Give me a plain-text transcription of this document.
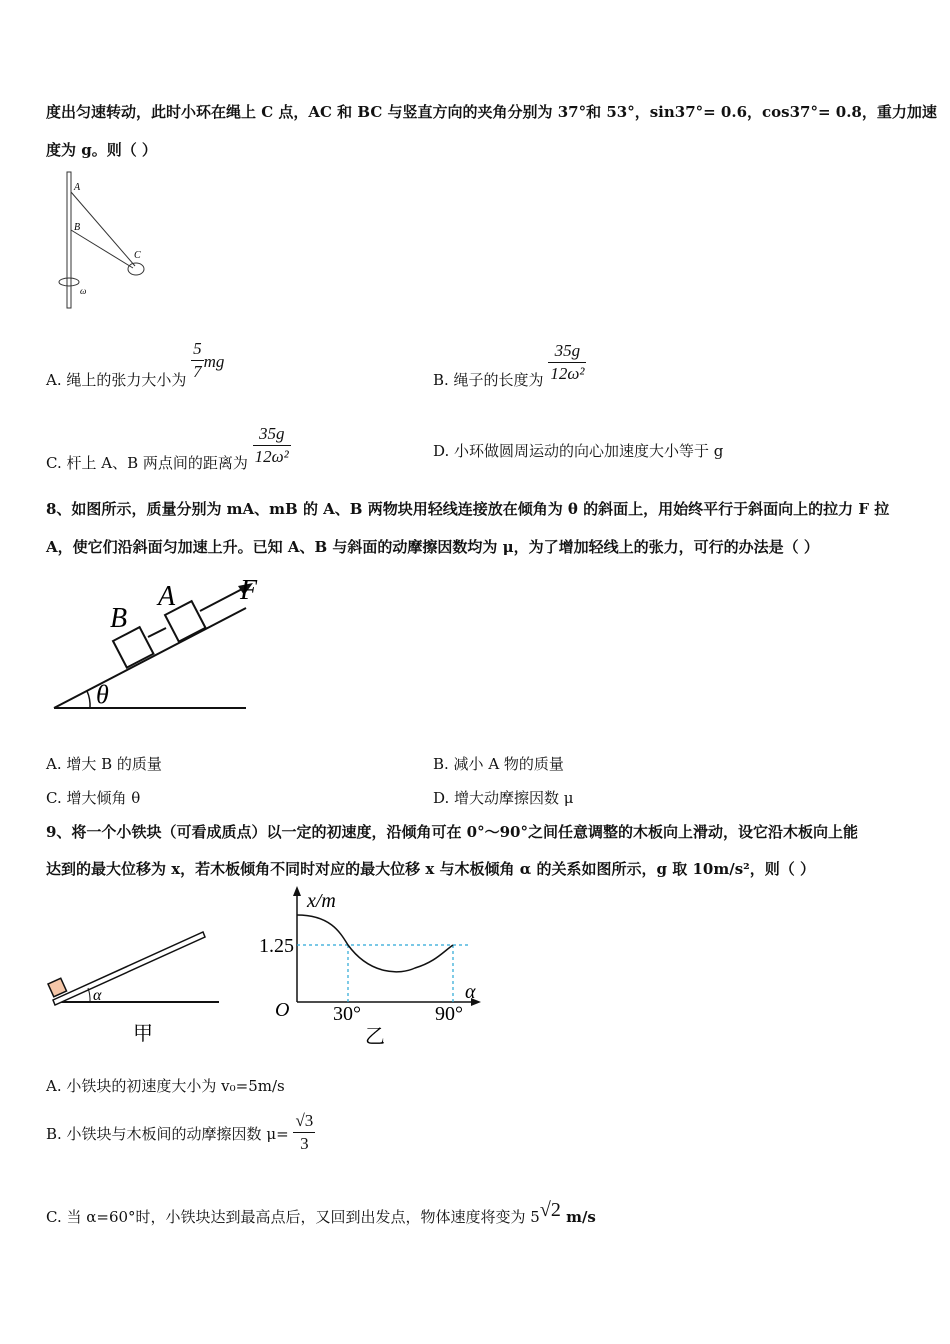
度出匀速转动，此时小环在绳上 C 点，AC 和 BC 与竖直方向的夹角分别为 37°和 53°，sin37°= 0.6，cos37°= 0.8，重力加速
度为 g。则（ ）
A
B
C
ω
A. 绳上的张力大小为 $\frac{5}{7}$ mg
B. 绳子的长度为 $\frac{35g}{\text{12ω²}}$
C. 杆上 A、B 两点间的距离为 $\frac{35g}{\text{12ω²}}$	D. 小环做圆周运动的向心加速度大小等于 g
8、如图所示，质量分别为 mA、mB 的 A、B 两物块用轻线连接放在倾角为 θ 的斜面上，用始终平行于斜面向上的拉力 F 拉
A，使它们沿斜面匀加速上升。已知 A、B 与斜面的动摩擦因数均为 μ，为了增加轻线上的张力，可行的办法是（ ）
B
A F
θ
A. 增大 B 的质量	B. 减小 A 物的质量
C. 增大倾角 θ	D. 增大动摩擦因数 μ
9、将一个小铁块（可看成质点）以一定的初速度，沿倾角可在 0°～90°之间任意调整的木板向上滑动，设它沿木板向上能
达到的最大位移为 x，若木板倾角不同时对应的最大位移 x 与木板倾角 α 的关系如图所示，g 取 10m/s²，则（ ）
α
甲
x/m
α
1.25
O 30°	90°
乙
A. 小铁块的初速度大小为 v₀=5m/s
B. 小铁块与木板间的动摩擦因数 $\mu= \frac{√3}{3}$
C. 当 α=60°时，小铁块达到最高点后，又回到出发点，物体速度将变为 5√2 m/s
